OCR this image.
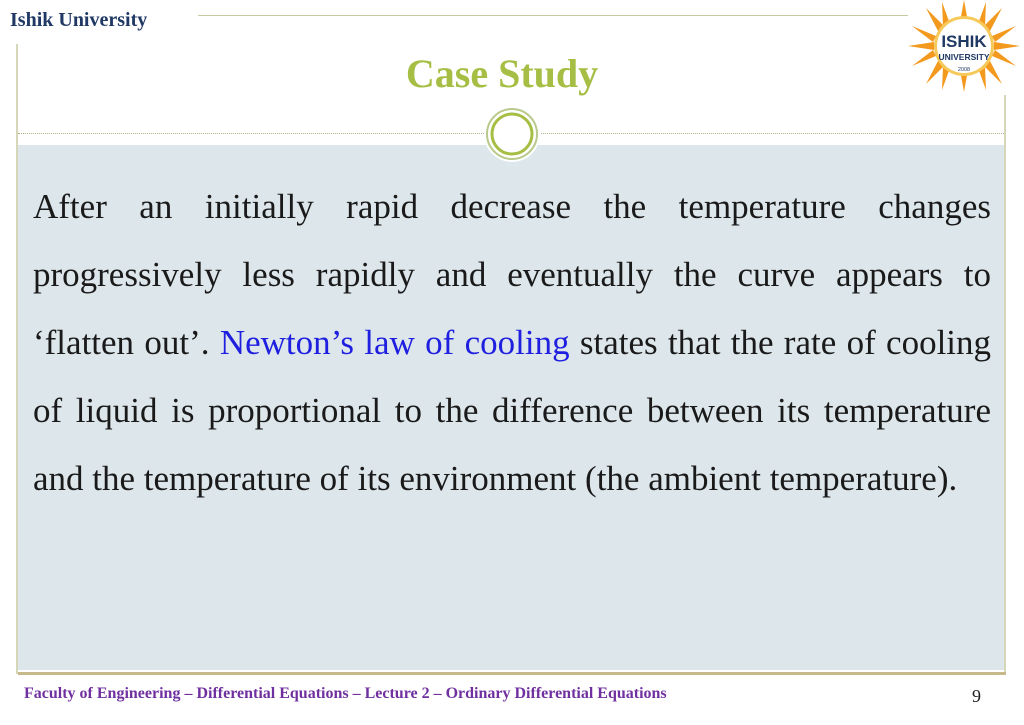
Ishik University
ISHIK
UNIVERSITY
2008
Case Study
After an initially rapid decrease the temperature changes progressively less rapidly and eventually the curve appears to ‘flatten out’. Newton’s law of cooling states that the rate of cooling of liquid is proportional to the difference between its temperature and the temperature of its environment (the ambient temperature).
Faculty of Engineering – Differential Equations – Lecture 2 – Ordinary Differential Equations	9
